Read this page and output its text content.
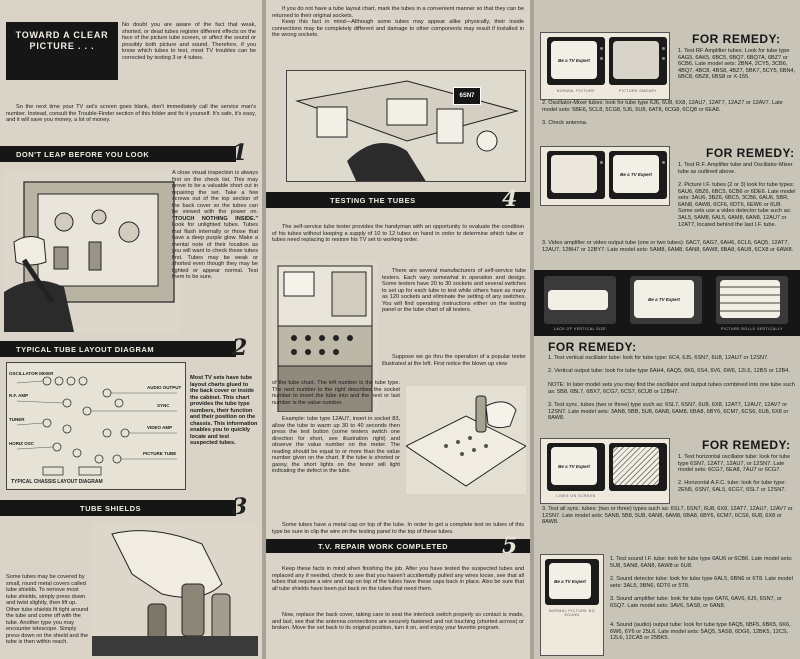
TOWARD A CLEAR PICTURE . . .
No doubt you are aware of the fact that weak, shorted, or dead tubes register different effects on the face of the picture tube screen, or affect the sound or possibly both picture and sound. Therefore, if you know which tubes to test, most TV troubles can be corrected by testing 3 or 4 tubes.
So the next time your TV set's screen goes blank, don't immediately call the service man's number. Instead, consult the Trouble-Finder section of this folder and fix it yourself. It's safe, it's easy, and it will save you money, a lot of money.
DON'T LEAP BEFORE YOU LOOK	1
A close visual inspection is always first on the check list. This may prove to be a valuable short cut in repairing the set. Take a few screws out of the top section of the back cover so the tubes can be viewed with the power on. "TOUCH NOTHING INSIDE." Look for unlighted tubes. Tubes that flash internally or those that have a deep purple glow. Make a mental note of their location as you will want to check these tubes first. Tubes may be weak or shorted even though they may be lighted or appear normal. Test them to be sure.
TYPICAL TUBE LAYOUT DIAGRAM	2
OSCILLATOR MIXER
R.F. AMP
TUNER
HORIZ OSC
AUDIO OUTPUT
SYNC
VIDEO AMP
PICTURE TUBE
TYPICAL CHASSIS LAYOUT DIAGRAM
Most TV sets have tube layout charts glued to the back cover or inside the cabinet. This chart provides the tube type numbers, their function and their position on the chassis. This information enables you to quickly locate and test suspected tubes.
TUBE SHIELDS	3
Some tubes may be covered by small, round metal covers called tube shields. To remove most tube shields, simply press down and twist slightly, then lift up. Other tube shields fit tight around the tube and come off with the tube. Another type you may encounter telescope. Simply press down on the shield and the tube is then within reach.
If you do not have a tube layout chart, mark the tubes in a convenient manner so that they can be returned to their original sockets.
Keep this fact in mind—Although some tubes may appear alike physically, their inside connections may be completely different and damage to other components may result if installed in the wrong sockets.
6SN7
TESTING THE TUBES	4
The self-service tube tester provides the handyman with an opportunity to evaluate the condition of his tubes without keeping a supply of 10 to 12 tubes on hand in order to determine which tube or tubes need replacing to restore his TV set to working order.
There are several manufacturers of self-service tube testers. Each vary somewhat in operation and design. Some testers have 20 to 30 sockets and several switches to set up for each tube to test while others have as many as 120 sockets and eliminate the setting of any switches. You will find operating instructions either on the testing panel or the tube chart of all testers.
Suppose we go thru the operation of a popular tester illustrated at the left. First notice the blown up view
of the tube chart. The left number is the tube type. The next number to the right describes the socket number to insert the tube into and the next or last number is the value number.
Example: tube type 12AU7, insert in socket 83, allow the tube to warm up 30 to 40 seconds then press the test button (some testers switch one direction for short, see illustration right) and observe the value number on the meter. The reading should be equal to or more than the value number given on the chart. If the tube is shorted or gassy, the short lights on the tester will light indicating the defect in the tube.
Some tubes have a metal cap on top of the tube. In order to get a complete test on tubes of this type be sure to clip the wire on the testing panel to the top of these tubes.
T.V. REPAIR WORK COMPLETED 5
Keep these facts in mind when finishing the job. After you have tested the suspected tubes and replaced any if needed, check to see that you haven't accidentally pulled any wires loose, see that all tubes that require a wire and cap on top of the tubes have these caps back in place. Also be sure that all tube shields have been put back on the tubes that need them.
Now, replace the back cover, taking care to seat the interlock switch properly so contact is made, and last, see that the antenna connections are securely fastened and not touching (shorted across) or broken. Move the set back to its original position, turn it on, and enjoy your favorite program.
Be a TV Expert
NORMAL PICTURE	PICTURE SMEARY
FOR REMEDY:
1. Test RF Amplifier tubes. Look for tube type 6AG5, 6AK5, 6BC5, 6BQ7, 6BQ7A, 6BZ7 or 6CB6. Late model sets: 2BN4, 2CY5, 3CB6, 4BQ7, 4BC8, 4BS8, 4BZ7, 5BK7, 5CY5, 6BN4, 6BC8, 6BZ8, 6BS8 or X-155.
2. Oscillator-Mixer tubes: look for tube type 6J6, 6U8, 6X8, 12AU7, 12AT7, 12AZ7 or 12AV7. Late model sets: 5BE6, 5CL8, 5CG8, 5J6, 5U8, 6AT8, 6CG8, 6CQ8 or 6EA8.
3. Check antenna.
Be a TV Expert
FOR REMEDY:
1. Test R.F. Amplifier tube and Oscillator-Mixer tube as outlined above.
2. Picture I.F. tubes (2 or 3) look for tube types: 6AU6, 6BZ6, 6BC5, 6CB6 or 6DE6. Late model sets: 3AU6, 3BZ6, 6BC5, 3CB6, 6AU6, 5BR, 6AN8, 6AW8, 6CF6, 6DT6, 6EW6 or 6U8. Some sets use a video detector tube such as: 3AL5, 5AM8, 6AL5, 6AM8, 6AN8, 12AU7 or 12AT7, located behind the last I.F. tube.
3. Video amplifier or video output tube (one or two tubes): 6AC7, 6AG7, 6AH6, 6CL6, 6AQ5, 12AT7, 12AU7, 12BH7 or 12BY7. Late model sets: 5AM8, 6AM8, 6AN8, 6AW8, 6BA8, 6AU8, 6CX8 or 6AW8.
Be a TV Expert
LACK OF VERTICAL SIZE	PICTURE ROLLS VERTICALLY
FOR REMEDY:
1. Test vertical oscillator tube: look for tube type: 6C4, 6J5, 6SN7, 6U8, 12AU7 or 12SN7.
2. Vertical output tube: look for tube type 6AH4, 6AQ5, 6K6, 6S4, 6V6, 6W6, 12L6, 12BS or 12B4.
NOTE: In later model sets you may find the oscillator and output tubes combined into one tube such as: 5B8, 6BL7, 6BX7, 6CG7, 6CS7, 6CU8 or 12BH7.
3. Test sync. tubes (two or three) type such as: 6SL7, 6SN7, 6U8, 6X8, 12AT7, 12AU7, 12AV7 or 12SN7. Late model sets: 3AN8, 5BB, 5U8, 6AN8, 6AM8, 6BA8, 6BY6, 6CM7, 6CS6, 6U8, 6X8 or 8AW8.
Be a TV Expert
LINES ON SCREEN
FOR REMEDY:
1. Test horizontal oscillator tube: look for tube type 6SN7, 12AT7, 12AU7, or 12SN7. Late model sets: 6CG7, 6EA8, 7AU7 or 6CG7.
2. Horizontal A.F.C. tube: look for tube type: 2EN5, 6SN7, 6AL5, 6CG7, 6SL7 or 12SN7.
3. Test all sync. tubes: (two or three) types such as: 6SL7, 6SN7, 6U8, 6X8, 12AT7, 12AU7, 12AV7 or 12SN7. Late model sets: 5AN8, 5B8, 5U8, 6AN8, 6AM8, 6BA8, 6BY6, 6CM7, 6CS6, 6U8, 6X8 or 8AW8.
Be a TV Expert
NORMAL PICTURE NO SOUND
1. Test sound I.F. tube: look for tube type 6AU6 or 6CB6. Late model sets: 5U8, 5AN8, 6AN8, 6AW8 or 6U8.
2. Sound detector tube: look for tube type 6AL5, 6BN6 or 6T8. Late model sets: 3AL5, 3BN6, 6DT6 or 5T8.
3. Sound amplifier tube: look for tube type 6AT6, 6AV6, 6J5, 6SN7, or 6SQ7. Late model sets: 3AV6, 5AS8, or 6AN8.
4. Sound (audio) output tube: look for tube type 6AQ5, 6BF5, 6BK5, 6K6, 6W6, 6Y6 or 25L6. Late model sets: 5AQ5, 5AS8, 6DG6, 12BK5, 12CS, 12L6, 12CA5 or 25BK5.
